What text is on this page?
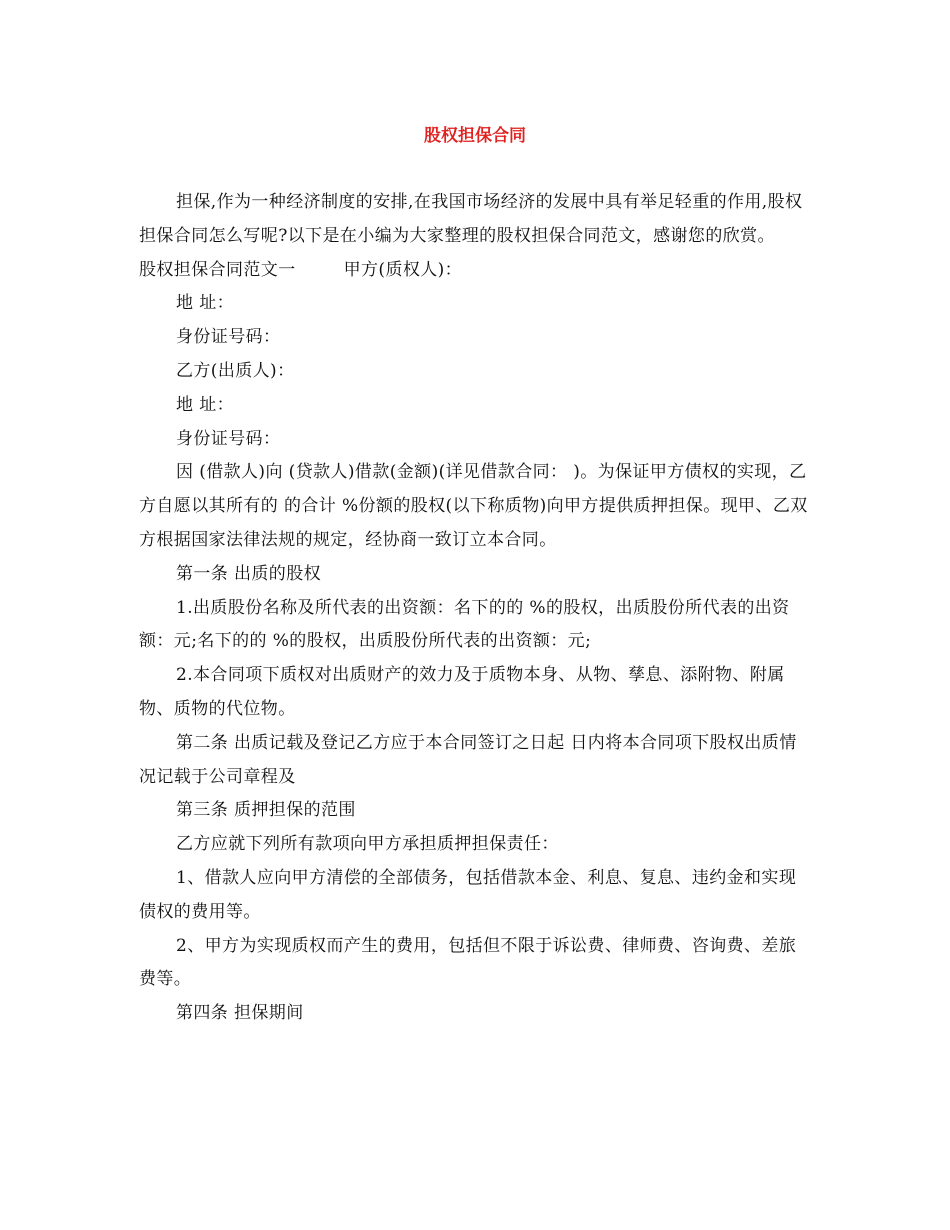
股权担保合同

担保,作为一种经济制度的安排,在我国市场经济的发展中具有举足轻重的作用,股权担保合同怎么写呢?以下是在小编为大家整理的股权担保合同范文，感谢您的欣赏。

股权担保合同范文一	甲方(质权人)：

地 址：

身份证号码：

乙方(出质人)：

地 址：

身份证号码：

因 (借款人)向 (贷款人)借款(金额)(详见借款合同： )。为保证甲方债权的实现，乙方自愿以其所有的 的合计 %份额的股权(以下称质物)向甲方提供质押担保。现甲、乙双方根据国家法律法规的规定，经协商一致订立本合同。

第一条 出质的股权

1.出质股份名称及所代表的出资额：名下的的 %的股权，出质股份所代表的出资额：元;名下的的 %的股权，出质股份所代表的出资额：元;

2.本合同项下质权对出质财产的效力及于质物本身、从物、孳息、添附物、附属物、质物的代位物。

第二条 出质记载及登记乙方应于本合同签订之日起 日内将本合同项下股权出质情况记载于公司章程及

第三条 质押担保的范围

乙方应就下列所有款项向甲方承担质押担保责任：

1、借款人应向甲方清偿的全部债务，包括借款本金、利息、复息、违约金和实现债权的费用等。

2、甲方为实现质权而产生的费用，包括但不限于诉讼费、律师费、咨询费、差旅费等。

第四条 担保期间
